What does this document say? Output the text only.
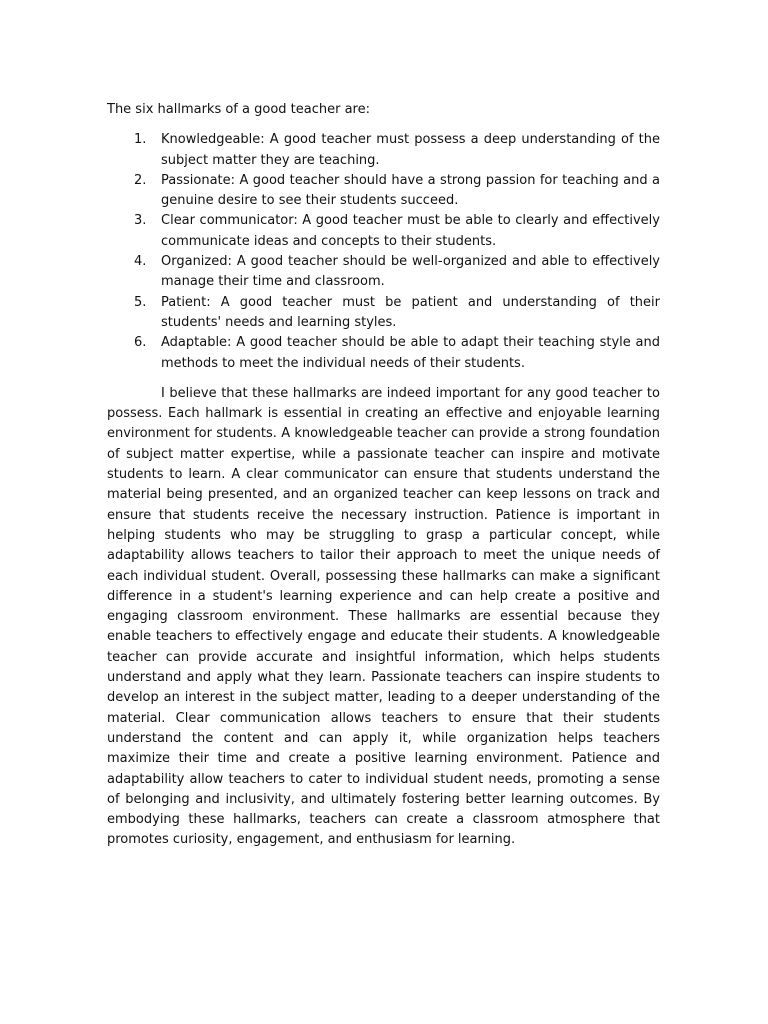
The six hallmarks of a good teacher are:

1. Knowledgeable: A good teacher must possess a deep understanding of the subject matter they are teaching.
2. Passionate: A good teacher should have a strong passion for teaching and a genuine desire to see their students succeed.
3. Clear communicator: A good teacher must be able to clearly and effectively communicate ideas and concepts to their students.
4. Organized: A good teacher should be well-organized and able to effectively manage their time and classroom.
5. Patient: A good teacher must be patient and understanding of their students' needs and learning styles.
6. Adaptable: A good teacher should be able to adapt their teaching style and methods to meet the individual needs of their students.

I believe that these hallmarks are indeed important for any good teacher to possess. Each hallmark is essential in creating an effective and enjoyable learning environment for students. A knowledgeable teacher can provide a strong foundation of subject matter expertise, while a passionate teacher can inspire and motivate students to learn. A clear communicator can ensure that students understand the material being presented, and an organized teacher can keep lessons on track and ensure that students receive the necessary instruction. Patience is important in helping students who may be struggling to grasp a particular concept, while adaptability allows teachers to tailor their approach to meet the unique needs of each individual student. Overall, possessing these hallmarks can make a significant difference in a student's learning experience and can help create a positive and engaging classroom environment. These hallmarks are essential because they enable teachers to effectively engage and educate their students. A knowledgeable teacher can provide accurate and insightful information, which helps students understand and apply what they learn. Passionate teachers can inspire students to develop an interest in the subject matter, leading to a deeper understanding of the material. Clear communication allows teachers to ensure that their students understand the content and can apply it, while organization helps teachers maximize their time and create a positive learning environment. Patience and adaptability allow teachers to cater to individual student needs, promoting a sense of belonging and inclusivity, and ultimately fostering better learning outcomes. By embodying these hallmarks, teachers can create a classroom atmosphere that promotes curiosity, engagement, and enthusiasm for learning.
